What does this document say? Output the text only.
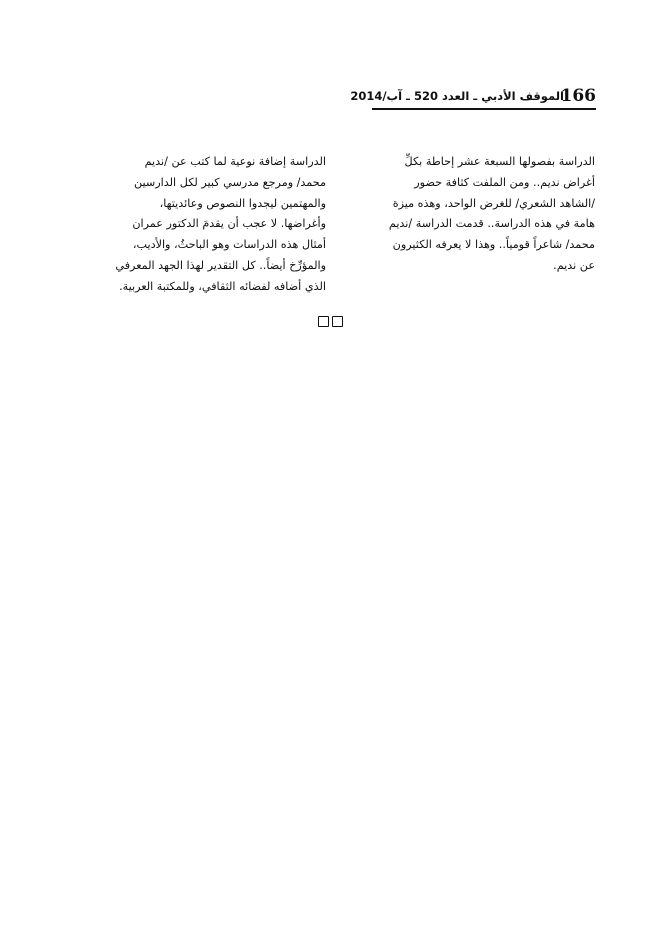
166
الموقف الأدبي ـ العدد 520 ـ آب/2014
الدراسة بفصولها السبعة عشر إحاطة بكلِّ
أغراض نديم.. ومن الملفت كثافة حضور
/الشاهد الشعري/ للغرض الواحد، وهذه ميزة
هامة في هذه الدراسة.. قدمت الدراسة /نديم
محمد/ شاعراً قومياً.. وهذا لا يعرفه الكثيرون
عن نديم.
الدراسة إضافة نوعية لما كتب عن /نديم
محمد/ ومرجع مدرسي كبير لكل الدارسين
والمهتمين ليجدوا النصوص وعائديتها،
وأغراضها. لا عجب أن يقدمَ الدكتور عمران
أمثال هذه الدراسات وهو الباحثُ، والأديب،
والمؤرِّخ أيضاً.. كل التقدير لهذا الجهد المعرفي
الذي أضافه لفضائه الثقافي، وللمكتبة العربية.
